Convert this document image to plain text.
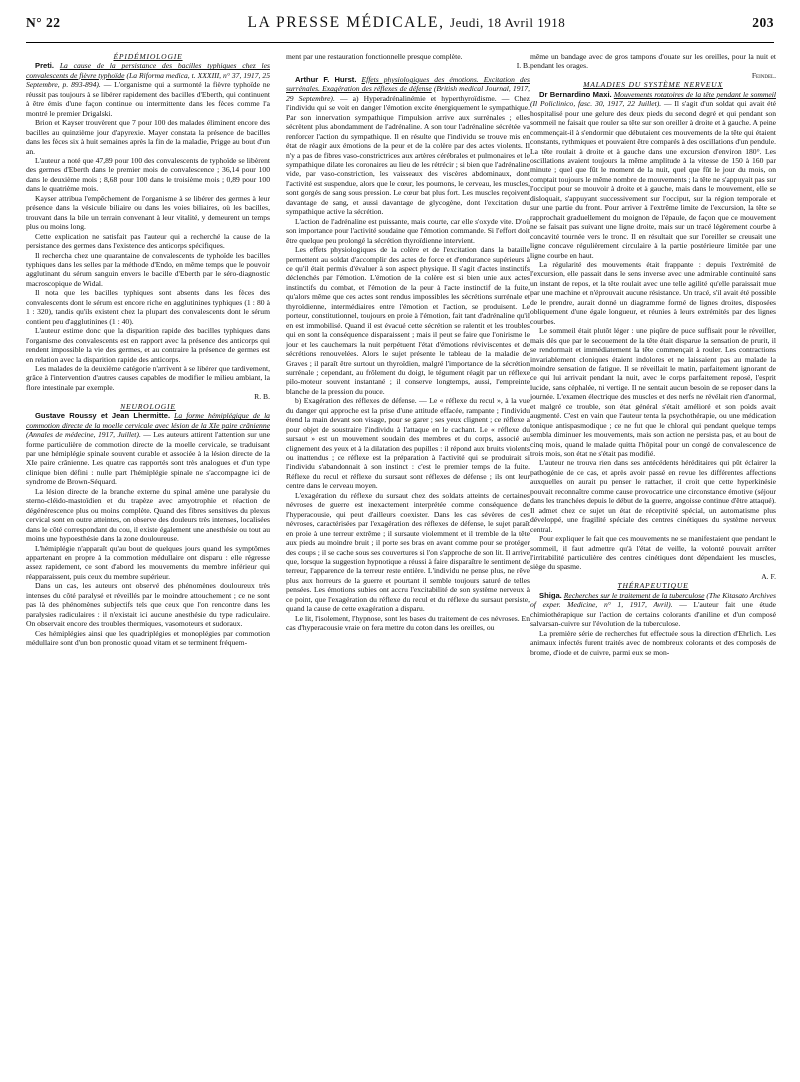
N° 22	LA PRESSE MÉDICALE, Jeudi, 18 Avril 1918	203

ÉPIDÉMIOLOGIE

Preti. La cause de la persistance des bacilles typhiques chez les convalescents de fièvre typhoïde (La Riforma medica, t. XXXIII, n° 37, 1917, 25 Septembre, p. 893-894). — L'organisme qui a surmonté la fièvre typhoïde ne réussit pas toujours à se libérer rapidement des bacilles d'Eberth, qui continuent à être émis d'une façon continue ou intermittente dans les fèces comme l'a montré le premier Drigalski.

Brion et Kayser trouvèrent que 7 pour 100 des malades éliminent encore des bacilles au quinzième jour d'apyrexie. Mayer constata la présence de bacilles dans les fèces six à huit semaines après la fin de la maladie, Prigge au bout d'un an.

L'auteur a noté que 47,89 pour 100 des convalescents de typhoïde se libèrent des germes d'Eberth dans le premier mois de convalescence ; 36,14 pour 100 dans le deuxième mois ; 8,68 pour 100 dans le troisième mois ; 0,89 pour 100 dans le quatrième mois.

Kayser attribua l'empêchement de l'organisme à se libérer des germes à leur présence dans la vésicule biliaire ou dans les voies biliaires, où les bacilles, trouvant dans la bile un terrain convenant à leur vitalité, y demeurent un temps plus ou moins long.

Cette explication ne satisfait pas l'auteur qui a recherché la cause de la persistance des germes dans l'existence des anticorps spécifiques.

Il rechercha chez une quarantaine de convalescents de typhoïde les bacilles typhiques dans les selles par la méthode d'Endo, en même temps que le pouvoir agglutinant du sérum sanguin envers le bacille d'Eberth par le séro-diagnostic macroscopique de Widal.

Il nota que les bacilles typhiques sont absents dans les fèces des convalescents dont le sérum est encore riche en agglutinines typhiques (1 : 80 à 1 : 320), tandis qu'ils existent chez la plupart des convalescents dont le sérum contient peu d'agglutinines (1 : 40).

L'auteur estime donc que la disparition rapide des bacilles typhiques dans l'organisme des convalescents est en rapport avec la présence des anticorps qui rendent impossible la vie des germes, et au contraire la présence de germes est en relation avec la disparition rapide des anticorps.

Les malades de la deuxième catégorie n'arrivent à se libérer que tardivement, grâce à l'intervention d'autres causes capables de modifier le milieu ambiant, la flore intestinale par exemple.

R. B.

NEUROLOGIE

Gustave Roussy et Jean Lhermitte. La forme hémiplégique de la commotion directe de la moelle cervicale avec lésion de la XIe paire crânienne (Annales de médecine, 1917, Juillet). — Les auteurs attirent l'attention sur une forme particulière de commotion directe de la moelle cervicale, se traduisant par une hémiplégie spinale souvent curable et associée à la lésion directe de la XIe paire crânienne. Les quatre cas rapportés sont très analogues et d'un type clinique bien défini : nulle part l'hémiplégie spinale ne s'accompagne ici de syndrome de Brown-Séquard.

La lésion directe de la branche externe du spinal amène une paralysie du sterno-cléido-mastoïdien et du trapèze avec amyotrophie et réaction de dégénérescence plus ou moins complète. Quand des fibres sensitives du plexus cervical sont en outre atteintes, on observe des douleurs très intenses, localisées dans le côté correspondant du cou, il existe également une anesthésie ou tout au moins une hypoesthésie dans la zone douloureuse.

L'hémiplégie n'apparaît qu'au bout de quelques jours quand les symptômes appartenant en propre à la commotion médullaire ont disparu : elle régresse assez rapidement, ce sont d'abord les mouvements du membre inférieur qui réapparaissent, puis ceux du membre supérieur.

Dans un cas, les auteurs ont observé des phénomènes douloureux très intenses du côté paralysé et réveillés par le moindre attouchement ; ce ne sont pas là des phénomènes subjectifs tels que ceux que l'on rencontre dans les paralysies radiculaires : il n'existait ici aucune anesthésie du type radiculaire. On observait encore des troubles thermiques, vasomoteurs et sudoraux.

Ces hémiplégies ainsi que les quadriplégies et monoplégies par commotion médullaire sont d'un bon pronostic quoad vitam et se terminent fréquem-

ment par une restauration fonctionnelle presque complète.

I. B.

Arthur F. Hurst. Effets physiologiques des émotions. Excitation des surrénales. Exagération des réflexes de défense (British medical Journal, 1917, 29 Septembre). — a) Hyperadrénalinémie et hyperthyroïdisme. — Chez l'individu qui se voit en danger l'émotion excite énergiquement le sympathique. Par son innervation sympathique l'impulsion arrive aux surrénales ; elles sécrètent plus abondamment de l'adrénaline. A son tour l'adrénaline sécrétée va renforcer l'action du sympathique. Il en résulte que l'individu se trouve mis en état de réagir aux émotions de la peur et de la colère par des actes violents. Il n'y a pas de fibres vaso-constrictrices aux artères cérébrales et pulmonaires et le sympathique dilate les coronaires au lieu de les rétrécir ; si bien que l'adrénaline vide, par vaso-constriction, les vaisseaux des viscères abdominaux, dont l'activité est suspendue, alors que le cœur, les poumons, le cerveau, les muscles, sont gorgés de sang sous pression. Le cœur bat plus fort. Les muscles reçoivent davantage de sang, et aussi davantage de glycogène, dont l'excitation du sympathique active la sécrétion.

L'action de l'adrénaline est puissante, mais courte, car elle s'oxyde vite. D'où son importance pour l'activité soudaine que l'émotion commande. Si l'effort doit être quelque peu prolongé la sécrétion thyroïdienne intervient.

Les effets physiologiques de la colère et de l'excitation dans la bataille permettent au soldat d'accomplir des actes de force et d'endurance supérieurs à ce qu'il était permis d'évaluer à son aspect physique. Il s'agit d'actes instinctifs déclenchés par l'émotion. L'émotion de la colère est si bien unie aux actes instinctifs du combat, et l'émotion de la peur à l'acte instinctif de la fuite, qu'alors même que ces actes sont rendus impossibles les sécrétions surrénale et thyroïdienne, intermédiaires entre l'émotion et l'action, se produisent. Le porteur, constitutionnel, toujours en proie à l'émotion, fait tant d'adrénaline qu'il en est immobilisé. Quand il est évacué cette sécrétion se ralentit et les troubles qui en sont la conséquence disparaissent ; mais il peut se faire que l'onirisme le jour et les cauchemars la nuit perpétuent l'état d'émotions réviviscentes et de sécrétions renouvelées. Alors le sujet présente le tableau de la maladie de Graves ; il paraît être surtout un thyroïdien, malgré l'importance de la sécrétion surrénale ; cependant, au frôlement du doigt, le tégument réagit par un réflexe pilo-moteur souvent instantané ; il conserve longtemps, aussi, l'empreinte blanche de la pression du pouce.

b) Exagération des réflexes de défense. — Le « réflexe du recul », à la vue du danger qui approche est la prise d'une attitude effacée, rampante ; l'individu étend la main devant son visage, pour se garer ; ses yeux clignent ; ce réflexe a pour objet de soustraire l'individu à l'attaque en le cachant. Le « réflexe du sursaut » est un mouvement soudain des membres et du corps, associé au clignement des yeux et à la dilatation des pupilles : il répond aux bruits violents ou inattendus ; ce réflexe est la préparation à l'activité qui se produirait si l'individu s'abandonnait à son instinct : c'est le premier temps de la fuite. Réflexe du recul et réflexe du sursaut sont réflexes de défense ; ils ont leur centre dans le cerveau moyen.

L'exagération du réflexe du sursaut chez des soldats atteints de certaines névroses de guerre est inexactement interprétée comme conséquence de l'hyperacousie, qui peut d'ailleurs coexister. Dans les cas sévères de ces névroses, caractérisées par l'exagération des réflexes de défense, le sujet paraît en proie à une terreur extrême ; il sursaute violemment et il tremble de la tête aux pieds au moindre bruit ; il porte ses bras en avant comme pour se protéger des coups ; il se cache sous ses couvertures si l'on s'approche de son lit. Il arrive que, lorsque la suggestion hypnotique a réussi à faire disparaître le sentiment de terreur, l'apparence de la terreur reste entière. L'individu ne pense plus, ne rêve plus aux horreurs de la guerre et pourtant il semble toujours saturé de telles pensées. Les émotions subies ont accru l'excitabilité de son système nerveux à ce point, que l'exagération du réflexe du recul et du réflexe du sursaut persiste, quand la cause de cette exagération a disparu.

Le lit, l'isolement, l'hypnose, sont les bases du traitement de ces névroses. En cas d'hyperacousie vraie on fera mettre du coton dans les oreilles, ou

même un bandage avec de gros tampons d'ouate sur les oreilles, pour la nuit et pendant les orages.

Feindel.

MALADIES DU SYSTÈME NERVEUX

Dr Bernardino Maxi. Mouvements rotatoires de la tête pendant le sommeil (Il Policlinico, fasc. 30, 1917, 22 Juillet). — Il s'agit d'un soldat qui avait été hospitalisé pour une gelure des deux pieds du second degré et qui pendant son sommeil ne faisait que rouler sa tête sur son oreiller à droite et à gauche. A peine commençait-il à s'endormir que débutaient ces mouvements de la tête qui étaient constants, rythmiques et pouvaient être comparés à des oscillations d'un pendule. La tête roulait à droite et à gauche dans une excursion d'environ 180°. Les oscillations avaient toujours la même amplitude à la vitesse de 150 à 160 par minute ; quel que fût le moment de la nuit, quel que fût le jour du mois, on comptait toujours le même nombre de mouvements ; la tête ne s'appuyait pas sur l'occiput pour se mouvoir à droite et à gauche, mais dans le mouvement, elle se disloquait, s'appuyant successivement sur l'occiput, sur la région temporale et sur une partie du front. Pour arriver à l'extrême limite de l'excursion, la tête se rapprochait graduellement du moignon de l'épaule, de façon que ce mouvement ne se faisait pas suivant une ligne droite, mais sur un tracé légèrement courbe à concavité tournée vers le tronc. Il en résultait que sur l'oreiller se creusait une ligne concave régulièrement circulaire à la partie postérieure limitée par une ligne courbe en haut.

La régularité des mouvements était frappante : depuis l'extrémité de l'excursion, elle passait dans le sens inverse avec une admirable continuité sans un instant de repos, et la tête roulait avec une telle agilité qu'elle paraissait mue par une machine et n'éprouvait aucune résistance. Un tracé, s'il avait été possible de le prendre, aurait donné un diagramme formé de lignes droites, disposées obliquement d'une égale longueur, et réunies à leurs extrémités par des lignes courbes.

Le sommeil était plutôt léger : une piqûre de puce suffisait pour le réveiller, mais dès que par le secouement de la tête était disparue la sensation de prurit, il se rendormait et immédiatement la tête commençait à rouler. Les contractions invariablement cloniques étaient indolores et ne laissaient pas au malade la moindre sensation de fatigue. Il se réveillait le matin, parfaitement ignorant de ce qui lui arrivait pendant la nuit, avec le corps parfaitement reposé, l'esprit lucide, sans céphalée, ni vertige. Il ne sentait aucun besoin de se reposer dans la journée. L'examen électrique des muscles et des nerfs ne révélait rien d'anormal, et malgré ce trouble, son état général s'était amélioré et son poids avait augmenté. C'est en vain que l'auteur tenta la psychothérapie, ou une médication tonique antispasmodique ; ce ne fut que le chloral qui pendant quelque temps sembla diminuer les mouvements, mais son action ne persista pas, et au bout de cinq mois, quand le malade quitta l'hôpital pour un congé de convalescence de trois mois, son état ne s'était pas modifié.

L'auteur ne trouva rien dans ses antécédents héréditaires qui pût éclairer la pathogénie de ce cas, et après avoir passé en revue les différentes affections auxquelles on aurait pu penser le rattacher, il croit que cette hyperkinésie pouvait reconnaître comme cause provocatrice une circonstance émotive (séjour dans les tranchées depuis le début de la guerre, angoisse continue d'être attaqué). Il admet chez ce sujet un état de réceptivité spécial, un automatisme plus développé, une fragilité spéciale des centres cinétiques du système nerveux central.

Pour expliquer le fait que ces mouvements ne se manifestaient que pendant le sommeil, il faut admettre qu'à l'état de veille, la volonté pouvait arrêter l'irritabilité particulière des centres cinétiques dont dépendaient les muscles, siège du spasme.

A. F.

THÉRAPEUTIQUE

Shiga. Recherches sur le traitement de la tuberculose (The Kitasato Archives of exper. Medicine, n° 1, 1917, Avril). — L'auteur fait une étude chimiothérapique sur l'action de certains colorants d'aniline et d'un composé salvarsan-cuivre sur l'évolution de la tuberculose.

La première série de recherches fut effectuée sous la direction d'Ehrlich. Les animaux infectés furent traités avec de nombreux colorants et des composés de brome, d'iode et de cuivre, parmi eux se mon-
